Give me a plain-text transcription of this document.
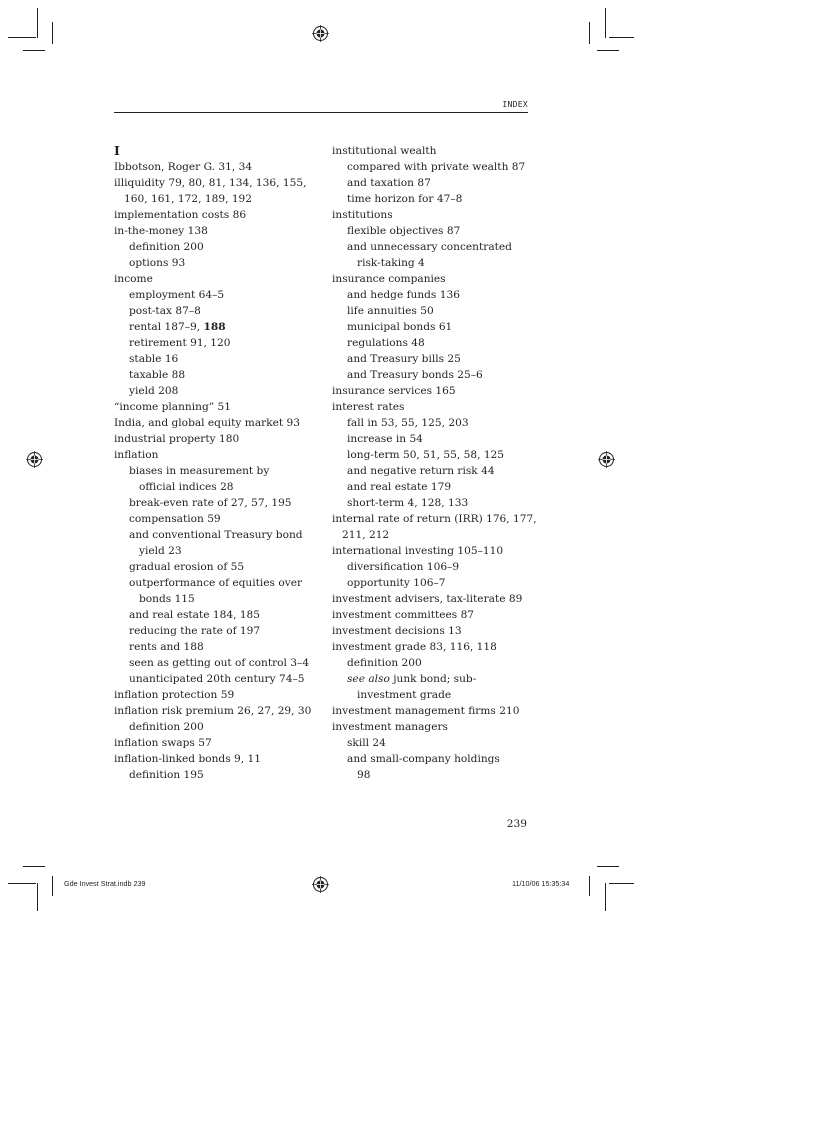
INDEX
I
Ibbotson, Roger G. 31, 34
illiquidity 79, 80, 81, 134, 136, 155,
160, 161, 172, 189, 192
implementation costs 86
in-the-money 138
definition 200
options 93
income
employment 64–5
post-tax 87–8
rental 187–9, 188
retirement 91, 120
stable 16
taxable 88
yield 208
“income planning” 51
India, and global equity market 93
industrial property 180
inflation
biases in measurement by
official indices 28
break-even rate of 27, 57, 195
compensation 59
and conventional Treasury bond
yield 23
gradual erosion of 55
outperformance of equities over
bonds 115
and real estate 184, 185
reducing the rate of 197
rents and 188
seen as getting out of control 3–4
unanticipated 20th century 74–5
inflation protection 59
inflation risk premium 26, 27, 29, 30
definition 200
inflation swaps 57
inflation-linked bonds 9, 11
definition 195
institutional wealth
compared with private wealth 87
and taxation 87
time horizon for 47–8
institutions
flexible objectives 87
and unnecessary concentrated
risk-taking 4
insurance companies
and hedge funds 136
life annuities 50
municipal bonds 61
regulations 48
and Treasury bills 25
and Treasury bonds 25–6
insurance services 165
interest rates
fall in 53, 55, 125, 203
increase in 54
long-term 50, 51, 55, 58, 125
and negative return risk 44
and real estate 179
short-term 4, 128, 133
internal rate of return (IRR) 176, 177,
211, 212
international investing 105–110
diversification 106–9
opportunity 106–7
investment advisers, tax-literate 89
investment committees 87
investment decisions 13
investment grade 83, 116, 118
definition 200
see also junk bond; sub-
investment grade
investment management firms 210
investment managers
skill 24
and small-company holdings
98
239
Gde Invest Strat.indb 239	11/10/06 15:35:34
